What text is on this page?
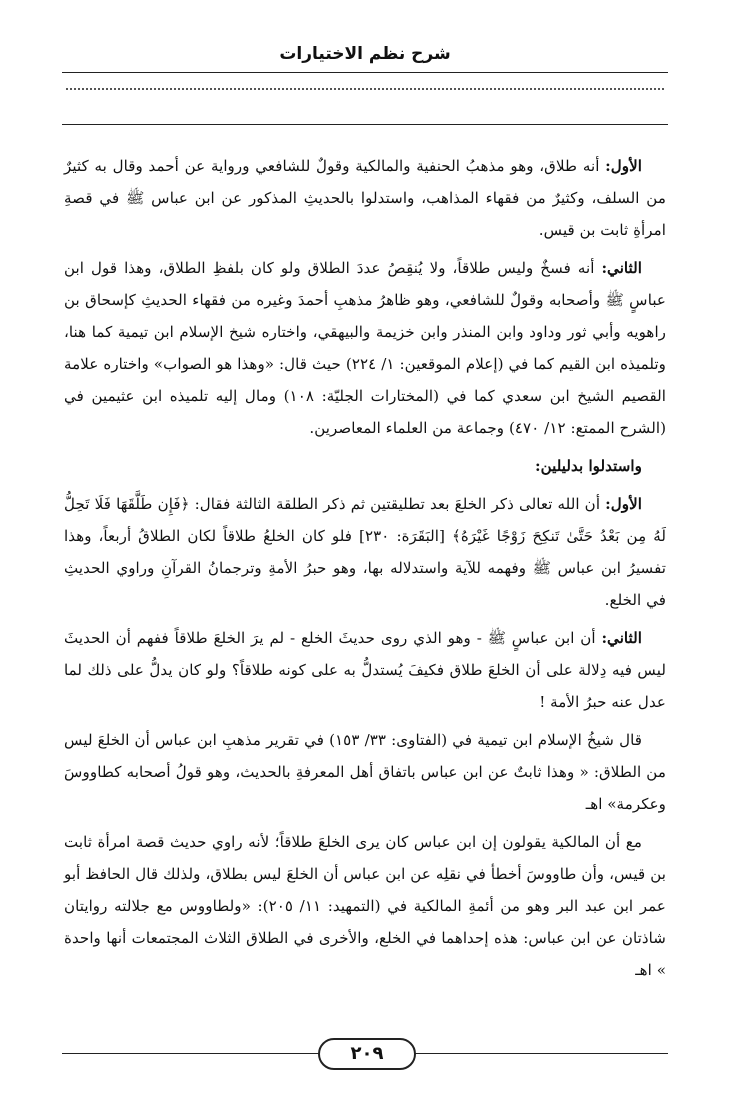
شرح نظم الاختيارات

الأول: أنه طلاق، وهو مذهبُ الحنفية والمالكية وقولٌ للشافعي ورواية عن أحمد وقال به كثيرٌ من السلف، وكثيرٌ من فقهاء المذاهب، واستدلوا بالحديثِ المذكور عن ابن عباس ﷺ في قصةِ امرأةِ ثابت بن قيس.

الثاني: أنه فسخٌ وليس طلاقاً، ولا يُنقِصُ عددَ الطلاق ولو كان بلفظِ الطلاق، وهذا قول ابن عباسٍ ﷺ وأصحابه وقولٌ للشافعي، وهو ظاهرُ مذهبِ أحمدَ وغيره من فقهاء الحديثِ كإسحاق بن راهويه وأبي ثور وداود وابن المنذر وابن خزيمة والبيهقي، واختاره شيخ الإسلام ابن تيمية كما هنا، وتلميذه ابن القيم كما في (إعلام الموقعين: ١/ ٢٢٤) حيث قال: «وهذا هو الصواب» واختاره علامة القصيم الشيخ ابن سعدي كما في (المختارات الجليّة: ١٠٨) ومال إليه تلميذه ابن عثيمين في (الشرح الممتع: ١٢/ ٤٧٠) وجماعة من العلماء المعاصرين.

واستدلوا بدليلين:

الأول: أن الله تعالى ذكر الخلعَ بعد تطليقتين ثم ذكر الطلقة الثالثة فقال: ﴿فَإِن طَلَّقَهَا فَلَا تَحِلُّ لَهُ مِن بَعْدُ حَتَّىٰ تَنكِحَ زَوْجًا غَيْرَهُ﴾ [البَقَرَة: ٢٣٠] فلو كان الخلعُ طلاقاً لكان الطلاقُ أربعاً، وهذا تفسيرُ ابن عباس ﷺ وفهمه للآية واستدلاله بها، وهو حبرُ الأمةِ وترجمانُ القرآنِ وراوي الحديثِ في الخلع.

الثاني: أن ابن عباسٍ ﷺ - وهو الذي روى حديثَ الخلع - لم يرَ الخلعَ طلاقاً ففهم أن الحديثَ ليس فيه دِلالة على أن الخلعَ طلاق فكيفَ يُستدلُّ به على كونه طلاقاً؟ ولو كان يدلُّ على ذلك لما عدل عنه حبرُ الأمة !

قال شيخُ الإسلام ابن تيمية في (الفتاوى: ٣٣/ ١٥٣) في تقرير مذهبِ ابن عباس أن الخلعَ ليس من الطلاق: « وهذا ثابتٌ عن ابن عباس باتفاق أهل المعرفةِ بالحديث، وهو قولُ أصحابه كطاووسَ وعكرمة» اهـ

مع أن المالكية يقولون إن ابن عباس كان يرى الخلعَ طلاقاً؛ لأنه راوي حديث قصة امرأة ثابت بن قيس، وأن طاووسَ أخطأ في نقلِه عن ابن عباس أن الخلعَ ليس بطلاق، ولذلك قال الحافظ أبو عمر ابن عبد البر وهو من أئمةِ المالكية في (التمهيد: ١١/ ٢٠٥): «ولطاووس مع جلالته روايتان شاذتان عن ابن عباس: هذه إحداهما في الخلع، والأخرى في الطلاق الثلاث المجتمعات أنها واحدة » اهـ

٢٠٩
